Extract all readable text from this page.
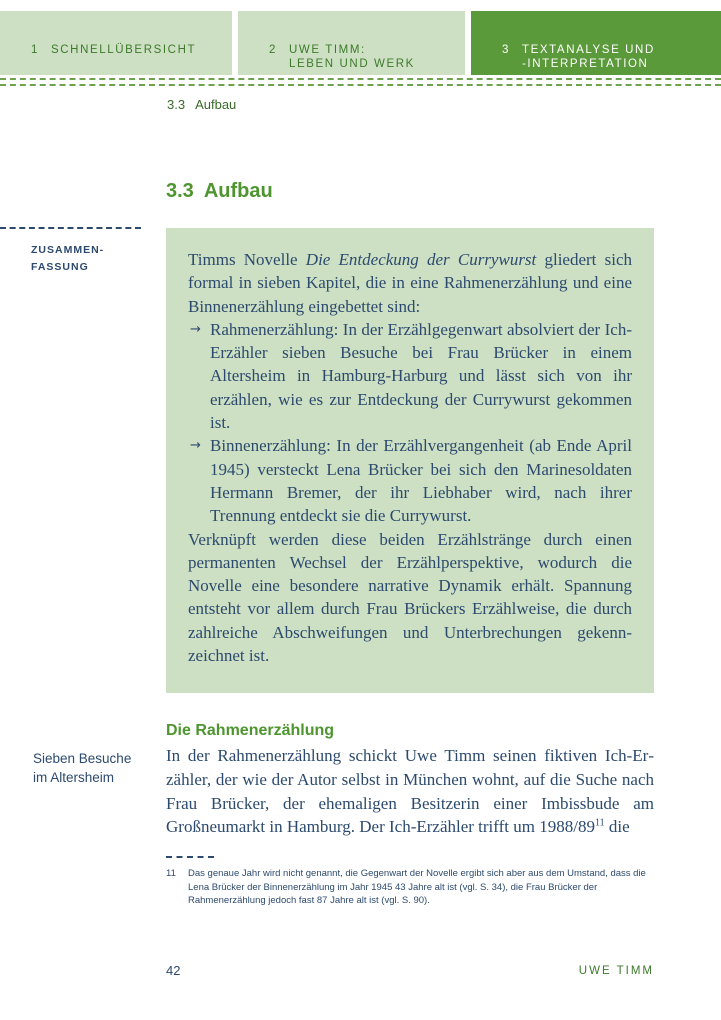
1 SCHNELLÜBERSICHT	2 UWE TIMM:
LEBEN UND WERK
3 TEXTANALYSE UND
-INTERPRETATION
3.3 Aufbau
3.3 Aufbau
ZUSAMMEN-
FASSUNG	Timms Novelle Die Entdeckung der Currywurst gliedert sich formal in sieben Kapitel, die in eine Rahmenerzählung und eine Binnenerzählung eingebettet sind:

→ Rahmenerzählung: In der Erzählgegenwart absolviert der Ich-Erzähler sieben Besuche bei Frau Brücker in einem Altersheim in Hamburg-Harburg und lässt sich von ihr erzählen, wie es zur Entdeckung der Currywurst gekommen ist.

→ Binnenerzählung: In der Erzählvergangenheit (ab Ende April 1945) versteckt Lena Brücker bei sich den Marinesoldaten Hermann Bremer, der ihr Liebhaber wird, nach ihrer Trennung entdeckt sie die Currywurst.

Verknüpft werden diese beiden Erzählstränge durch einen permanenten Wechsel der Erzählperspektive, wodurch die Novelle eine besondere narrative Dynamik erhält. Spannung entsteht vor allem durch Frau Brückers Erzählweise, die durch zahlreiche Abschweifungen und Unterbrechungen gekennzeichnet ist.

Die Rahmenerzählung
Sieben Besuche
im Altersheim

In der Rahmenerzählung schickt Uwe Timm seinen fiktiven Ich-Erzähler, der wie der Autor selbst in München wohnt, auf die Suche nach Frau Brücker, der ehemaligen Besitzerin einer Imbissbude am Großneumarkt in Hamburg. Der Ich-Erzähler trifft um $1988/89^{11}$ die

11 Das genaue Jahr wird nicht genannt, die Gegenwart der Novelle ergibt sich aber aus dem Umstand, dass die Lena Brücker der Binnenerzählung im Jahr 1945 43 Jahre alt ist (vgl. S. 34), die Frau Brücker der Rahmenerzählung jedoch fast 87 Jahre alt ist (vgl. S. 90).
42	UWE TIMM
